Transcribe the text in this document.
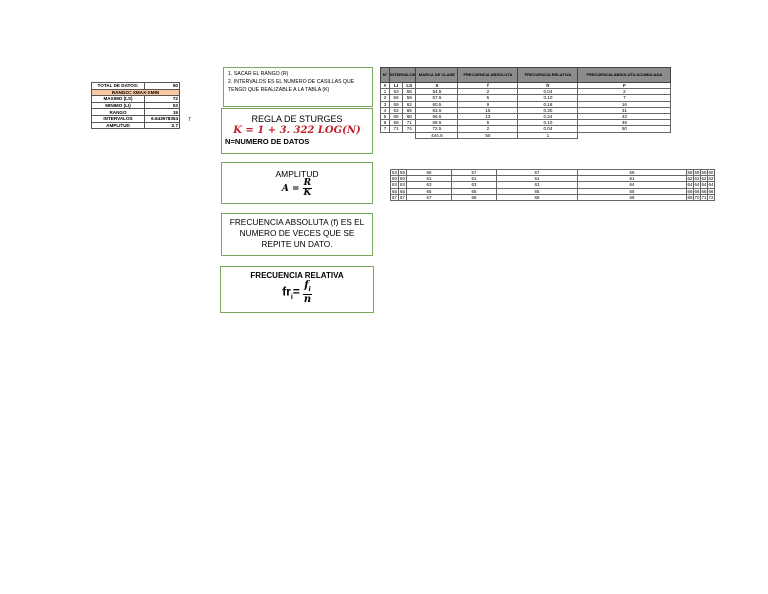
TOTAL DE DATOS:	50
RANGO= XMAX-XMIN	
MAXIMO (LS)	72
MINIMO (LI)	53
RANGO	19
INTERVALOS	6.643978354
AMPLITUD	2.7
7
1. SACAR EL RANGO (R)
2. INTERVALOS ES EL NUMERO DE CASILLAS QUE TENGO QUE REALIZABLE A LA TABLA (K)
REGLA DE STURGES
K = 1 + 3. 322 LOG(N)
N=NUMERO DE DATOS
AMPLITUD
$A = \frac{R}{K}$
FRECUENCIA ABSOLUTA (f) ES EL NUMERO DE VECES QUE SE REPITE UN DATO.
FRECUENCIA RELATIVA
$fr_i= \frac{f_i}{n}$
N°	INTERVALOS		MARCA DE CLASE	FRECUENCIA ABSOLUTA	FRECUENCIA RELATIVA	FRECUENCIA ABSOLUTA ACUMULADA
#	LI	LS	X	f	fr	F
1	53	56	54.5	2	0.04	2
2	56	59	57.5	5	0.10	7
3	59	62	60.5	9	0.18	16
4	62	65	63.5	15	0.30	31
5	65	68	66.5	12	0.24	43
6	68	71	69.5	5	0.10	48
7	71	74	72.5	2	0.04	50
			444.5	50	1	
53	55	56	57	57	58	58	59	59	60
60	60	61	61	61	61	62	62	62	62
63	63	63	63	63	64	64	64	64	64
65	65	65	65	65	65	66	66	66	66
67	67	67	68	68	69	69	70	71	72
